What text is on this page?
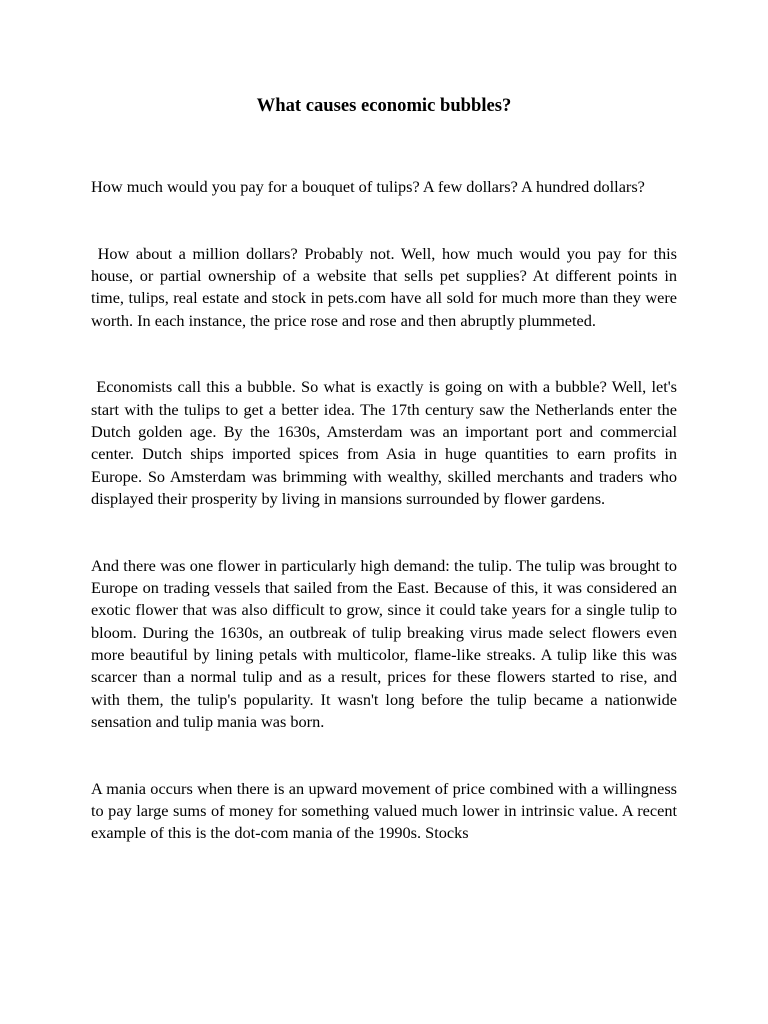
What causes economic bubbles?

How much would you pay for a bouquet of tulips? A few dollars? A hundred dollars?

How about a million dollars? Probably not. Well, how much would you pay for this house, or partial ownership of a website that sells pet supplies? At different points in time, tulips, real estate and stock in pets.com have all sold for much more than they were worth. In each instance, the price rose and rose and then abruptly plummeted.

Economists call this a bubble. So what is exactly is going on with a bubble? Well, let's start with the tulips to get a better idea. The 17th century saw the Netherlands enter the Dutch golden age. By the 1630s, Amsterdam was an important port and commercial center. Dutch ships imported spices from Asia in huge quantities to earn profits in Europe. So Amsterdam was brimming with wealthy, skilled merchants and traders who displayed their prosperity by living in mansions surrounded by flower gardens.

And there was one flower in particularly high demand: the tulip. The tulip was brought to Europe on trading vessels that sailed from the East. Because of this, it was considered an exotic flower that was also difficult to grow, since it could take years for a single tulip to bloom. During the 1630s, an outbreak of tulip breaking virus made select flowers even more beautiful by lining petals with multicolor, flame-like streaks. A tulip like this was scarcer than a normal tulip and as a result, prices for these flowers started to rise, and with them, the tulip's popularity. It wasn't long before the tulip became a nationwide sensation and tulip mania was born.

A mania occurs when there is an upward movement of price combined with a willingness to pay large sums of money for something valued much lower in intrinsic value. A recent example of this is the dot-com mania of the 1990s. Stocks
